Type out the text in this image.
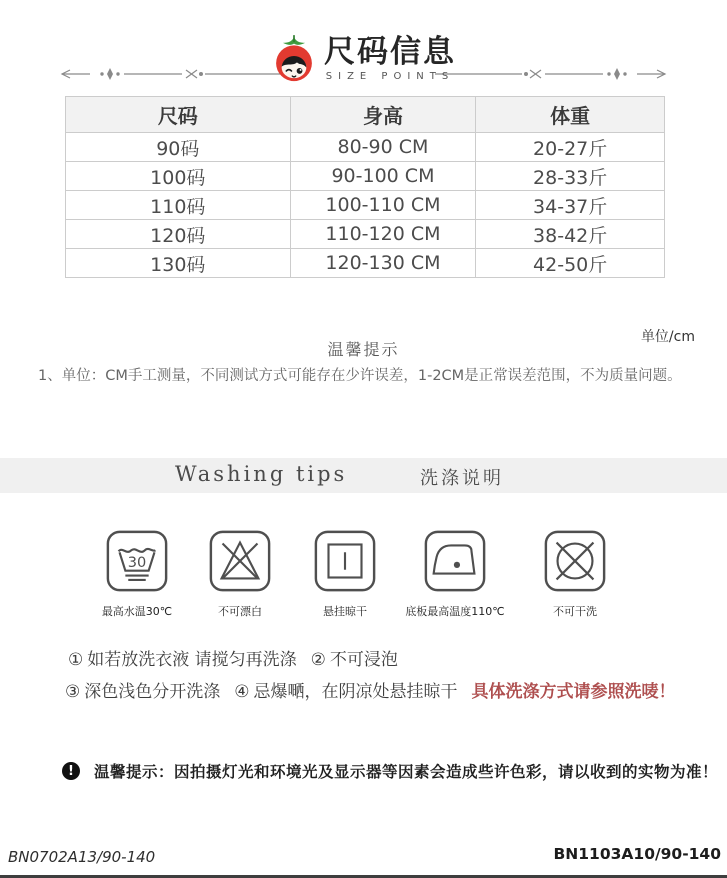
尺码信息
SIZE POINTS
尺码	身高	体重
90码	80-90 CM	20-27斤
100码	90-100 CM	28-33斤
110码	100-110 CM	34-37斤
120码	110-120 CM	38-42斤
130码	120-130 CM	42-50斤
单位/cm
温馨提示
1、单位：CM手工测量，不同测试方式可能存在少许误差，1-2CM是正常误差范围，不为质量问题。
Washing tips	洗涤说明
30
最高水温30℃	不可漂白	悬挂晾干	底板最高温度110℃	不可干洗
① 如若放洗衣液 请搅匀再洗涤 ② 不可浸泡
③ 深色浅色分开洗涤 ④ 忌爆嗮，在阴凉处悬挂晾干 具体洗涤方式请参照洗唛！
!	温馨提示：因拍摄灯光和环境光及显示器等因素会造成些许色彩，请以收到的实物为准！
BN0702A13/90-140	BN1103A10/90-140
